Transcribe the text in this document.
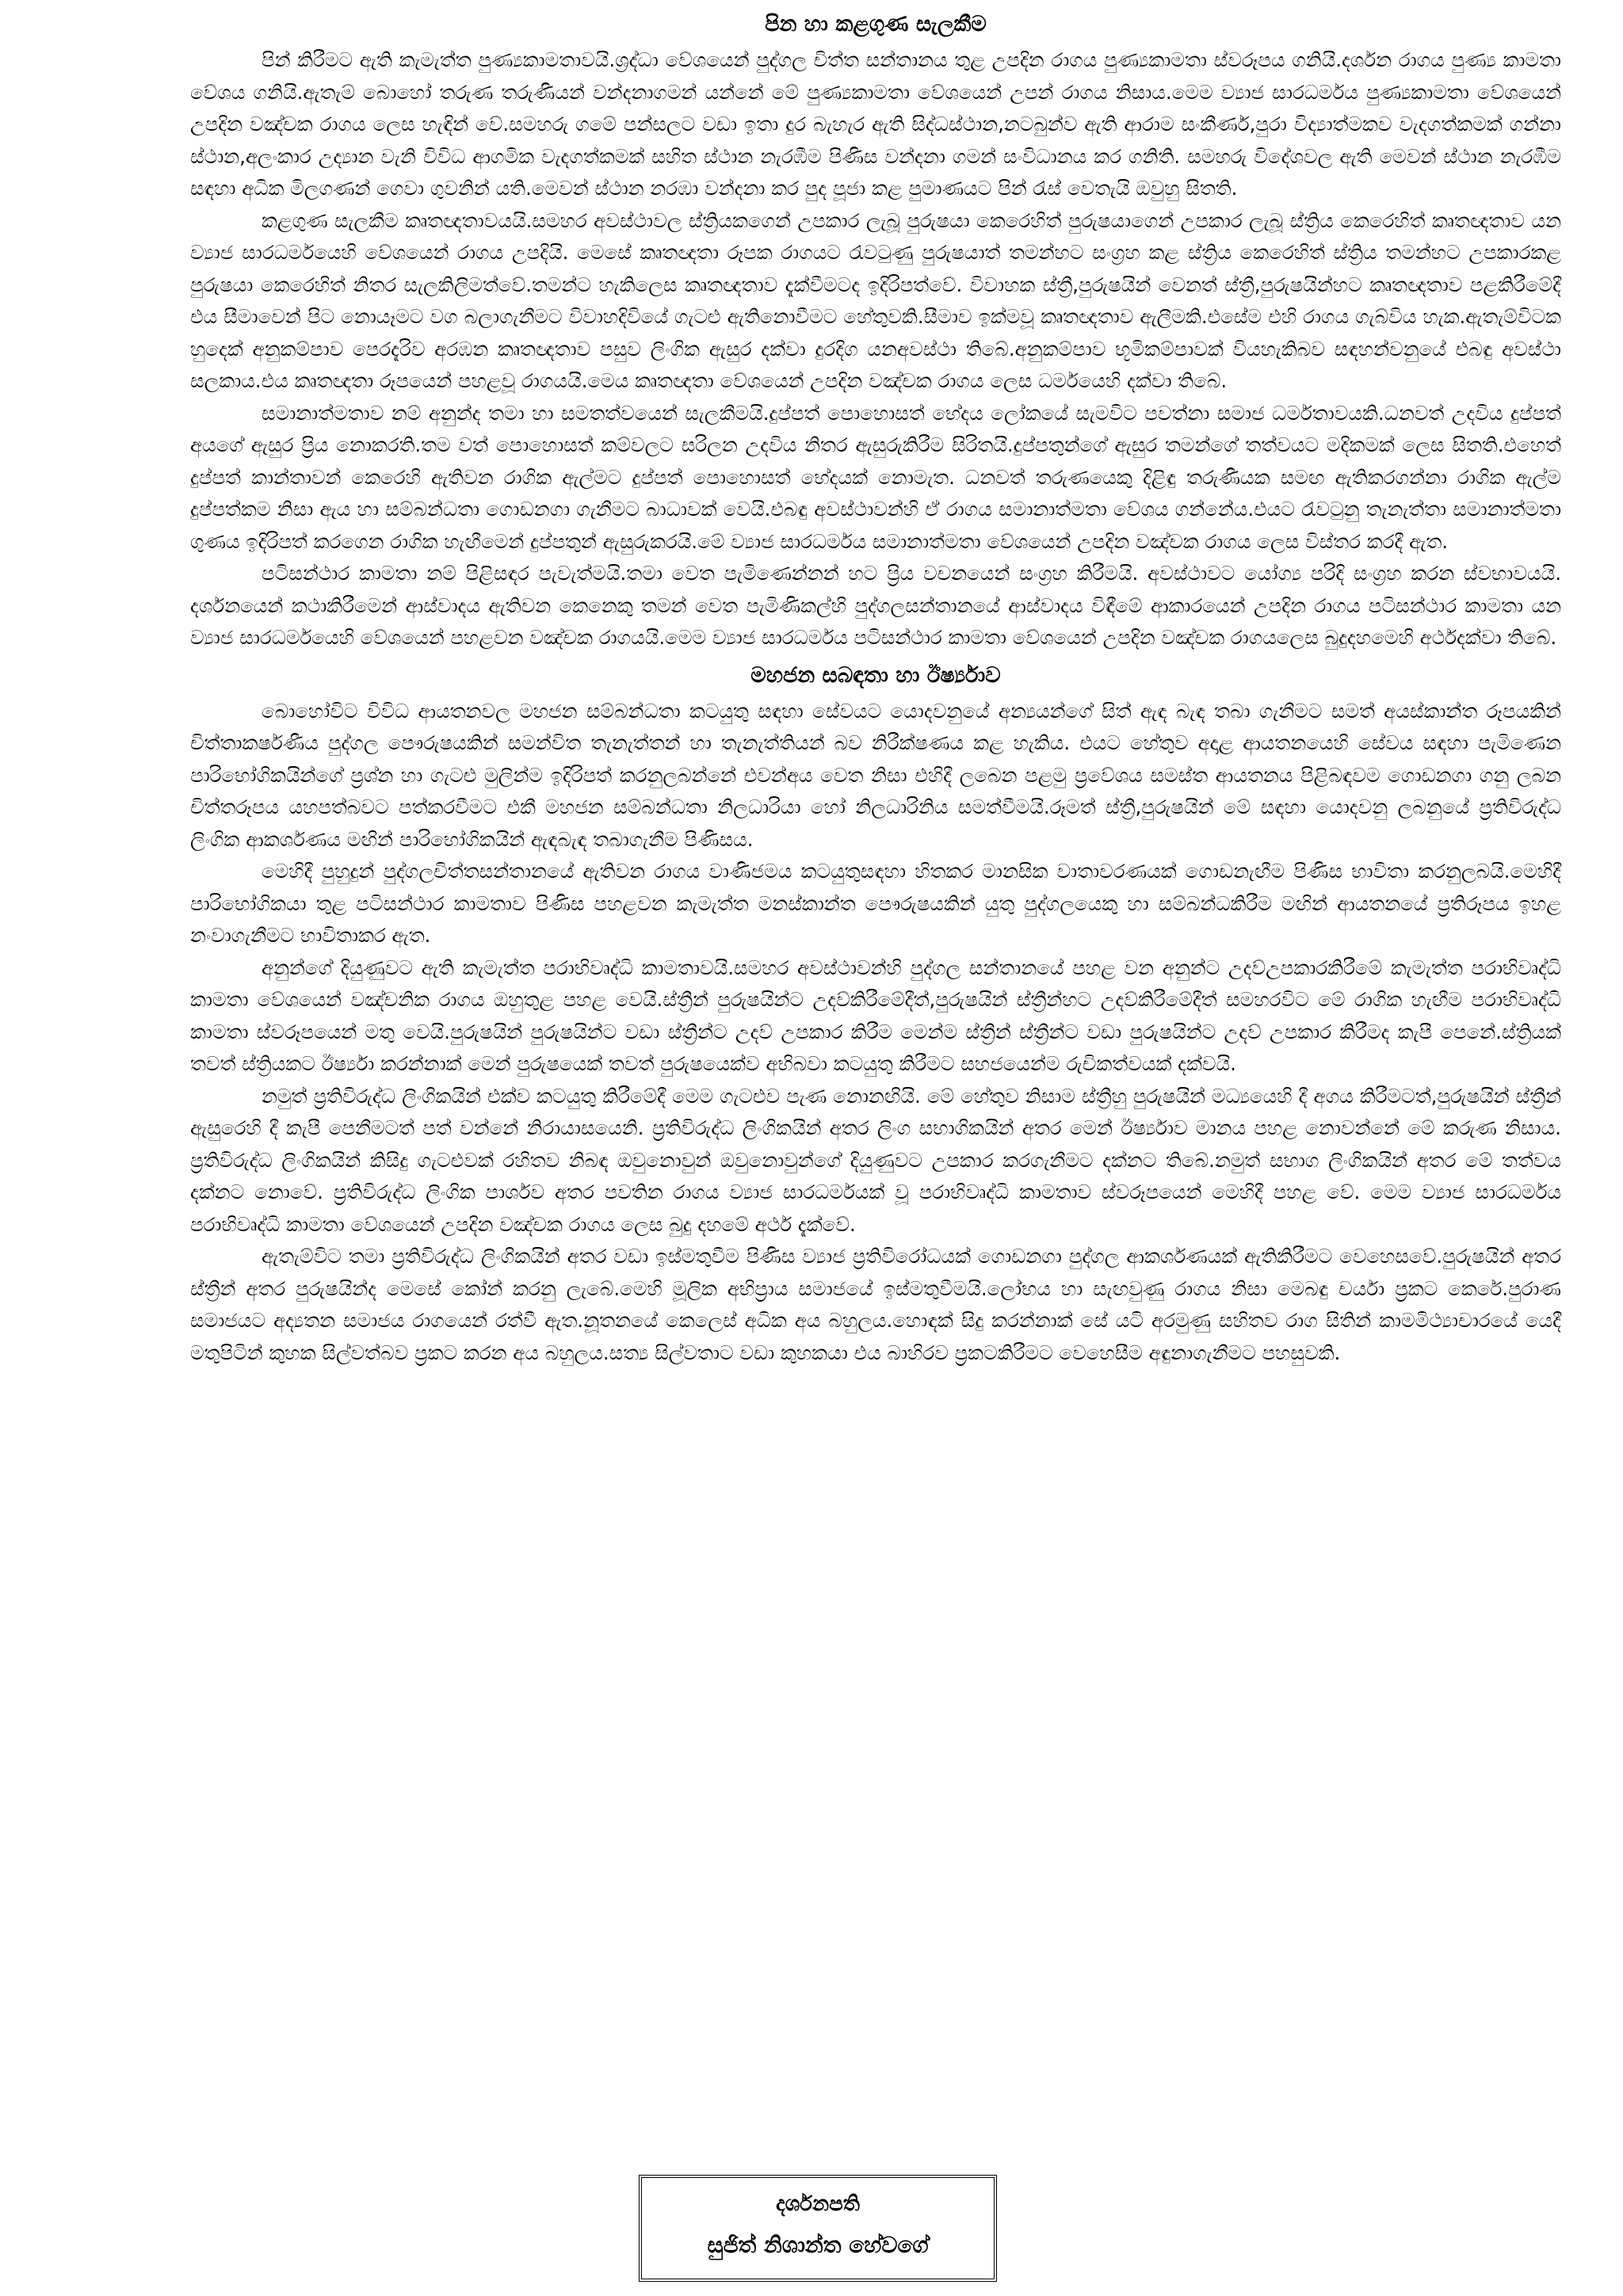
පින හා කළගුණ සැලකීම

පින් කිරීමට ඇති කැමැත්ත පුණ්‍යකාමතාවයි.ශ්‍රද්ධා වේශයෙන් පුද්ගල චිත්ත සන්තානය තුළ උපදින රාගය පුණ්‍යකාමතා ස්වරූපය ගනියි.දර්ශන රාගය පුණ්‍ය කාමතා වේශය ගනියි.ඇතැම් බොහෝ තරුණ තරුණියන් වන්දනාගමන් යන්නේ මේ පුණ්‍යකාමතා වේශයෙන් උපන් රාගය නිසාය.මෙම ව්‍යාජ සාරධර්මය පුණ්‍යකාමතා වේශයෙන් උපදින වඤ්චක රාගය ලෙස හැඳින් වේ.සමහරු ගමේ පන්සලට වඩා ඉතා දුර බැහැර ඇති සිද්ධස්ථාන,නටබුන්ව ඇති ආරාම සංකීර්ණ,පුරා විද්‍යාත්මකව වැදගත්කමක් ගන්නා ස්ථාන,අලංකාර උද්‍යාන වැනි විවිධ ආගමික වැදගත්කමක් සහිත ස්ථාන නැරඹීම පිණිස වන්දනා ගමන් සංවිධානය කර ගනිති. සමහරු විදේශවල ඇති මෙවන් ස්ථාන නැරඹීම සඳහා අධික මිලගණන් ගෙවා ගුවනින් යති.මෙවන් ස්ථාන නරඹා වන්දනා කර පුද පූජා කළ පුමාණයට පින් රැස් වෙතැයි ඔවුහු සිතති.

කළගුණ සැලකීම කෘතඥතාවයයි.සමහර අවස්ථාවල ස්ත්‍රියකගෙන් උපකාර ලැබූ පුරුෂයා කෙරෙහිත් පුරුෂයාගෙන් උපකාර ලැබූ ස්ත්‍රිය කෙරෙහිත් කෘතඥතාව යන ව්‍යාජ සාරධර්මයෙහි වේශයෙන් රාගය උපදියි. මෙසේ කෘතඥතා රූපක රාගයට රැවටුණු පුරුෂයාත් තමන්හට සංග්‍රහ කළ ස්ත්‍රිය කෙරෙහිත් ස්ත්‍රිය තමන්හට උපකාරකළ පුරුෂයා කෙරෙහිත් නිතර සැලකිලිමත්වේ.තමන්ට හැකිලෙස කෘතඥතාව දැක්වීමටද ඉදිරිපත්වේ. විවාහක ස්ත්‍රී,පුරුෂයින් වෙනත් ස්ත්‍රී,පුරුෂයින්හට කෘතඥතාව පළකිරීමේදී එය සීමාවෙන් පිට නොයෑමට වග බලාගැනීමට විවාහදිවියේ ගැටළු ඇතිනොවීමට හේතුවකි.සීමාව ඉක්මවූ කෘතඥතාව ඇලීමකි.එසේම එහි රාගය ගැබ්විය හැක.ඇතැම්විටක හුදෙක් අනුකම්පාව පෙරදැරිව අරඹන කෘතඥතාව පසුව ලිංගික ඇසුර දක්වා දුරදිග යනඅවස්ථා තිබේ.අනුකම්පාව භූමිකම්පාවක් වියහැකිබව සඳහන්වනුයේ එබඳු අවස්ථා සලකාය.එය කෘතඥතා රූපයෙන් පහළවූ රාගයයි.මෙය කෘතඥතා වේශයෙන් උපදින වඤ්චක රාගය ලෙස ධර්මයෙහි දක්වා තිබේ.

සමානාත්මතාව නම් අනුන්ද තමා හා සමතත්වයෙන් සැලකීමයි.දුප්පත් පොහොසත් භේදය ලෝකයේ සැමවිට පවත්නා සමාජ ධර්මතාවයකි.ධනවත් උදවිය දුප්පත් අයගේ ඇසුර ප්‍රිය නොකරති.තම වත් පොහොසත් කම්වලට සරිලන උදවිය නිතර ඇසුරුකිරීම සිරිතයි.දුප්පතුන්ගේ ඇසුර තමන්ගේ තත්වයට මදිකමක් ලෙස සිතති.එහෙත් දුප්පත් කාන්තාවන් කෙරෙහි ඇතිවන රාගික ඇල්මට දුප්පත් පොහොසත් භේදයක් නොමැත. ධනවත් තරුණයෙකු දිළිඳු තරුණියක සමඟ ඇතිකරගන්නා රාගික ඇල්ම දුප්පත්කම නිසා ඇය හා සම්බන්ධතා ගොඩනගා ගැනීමට බාධාවක් වෙයි.එබඳු අවස්ථාවන්හි ඒ රාගය සමානාත්මතා වේශය ගන්නේය.එයට රැවටුනු තැනැත්තා සමානාත්මතා ගුණය ඉදිරිපත් කරගෙන රාගික හැඟීමෙන් දුප්පතුන් ඇසුරුකරයි.මේ ව්‍යාජ සාරධර්මය සමානාත්මතා වේශයෙන් උපදින වඤ්චක රාගය ලෙස විස්තර කරදී ඇත.

පටිසන්ථාර කාමතා නම් පිළිසඳර පැවැත්මයි.තමා වෙත පැමිණෙන්නන් හට ප්‍රිය වචනයෙන් සංග්‍රහ කිරීමයි. අවස්ථාවට යෝග්‍ය පරිදි සංග්‍රහ කරන ස්වභාවයයි. දර්ශනයෙන් කථාකිරීමෙන් ආස්වාදය ඇතිවන කෙනෙකු තමන් වෙත පැමිණිකල්හි පුද්ගලසන්තානයේ ආස්වාදය විඳීමේ ආකාරයෙන් උපදින රාගය පටිසන්ථාර කාමතා යන ව්‍යාජ සාරධර්මයෙහි වේශයෙන් පහළවන වඤ්චක රාගයයි.මෙම ව්‍යාජ සාරධර්මය පටිසන්ථාර කාමතා වේශයෙන් උපදින වඤ්චක රාගයලෙස බුදුදහමෙහි අර්ථදක්වා තිබේ.

මහජන සබඳතා හා ඊර්ෂ්‍යාව

බොහෝවිට විවිධ ආයතනවල මහජන සම්බන්ධතා කටයුතු සඳහා සේවයට යොදවනුයේ අන්‍යයන්ගේ සිත් ඇඳ බැඳ තබා ගැනීමට සමත් අයස්කාන්ත රූපයකින් චිත්තාකර්ෂණීය පුද්ගල පෞරුෂයකින් සමන්විත තැනැත්තන් හා තැනැත්තියන් බව නිරීක්ෂණය කළ හැකිය. එයට හේතුව අදාළ ආයතනයෙහි සේවය සඳහා පැමිණෙන පාරිභෝගිකයින්ගේ ප්‍රශ්න හා ගැටළු මුලින්ම ඉදිරිපත් කරනුලබන්නේ එවන්අය වෙත නිසා එහිදී ලබෙන පළමු ප්‍රවේශය සමස්ත ආයතනය පිළිබඳවම ගොඩනගා ගනු ලබන චිත්තරූපය යහපත්බවට පත්කරවීමට එකී මහජන සම්බන්ධතා නිලධාරියා හෝ නිලධාරිනිය සමත්වීමයි.රූමත් ස්ත්‍රී,පුරුෂයින් මේ සඳහා යොදවනු ලබනුයේ ප්‍රතිවිරුද්ධ ලිංගික ආකර්ශණය මඟින් පාරිභෝගිකයින් ඇඳබැඳ තබාගැනීම පිණිසය.

මෙහිදී පුහුදුන් පුද්ගලචිත්තසන්තානයේ ඇතිවන රාගය වාණිජමය කටයුතුසඳහා හිතකර මානසික වාතාවරණයක් ගොඩනැඟීම පිණිස භාවිතා කරනුලබයි.මෙහිදී පාරිභෝගිකයා තුළ පටිසන්ථාර කාමතාව පිණිස පහළවන කැමැත්ත මනස්කාන්ත පෞරුෂයකින් යුතු පුද්ගලයෙකු හා සම්බන්ධකිරීම මඟින් ආයතනයේ ප්‍රතිරූපය ඉහළ නංවාගැනීමට භාවිතාකර ඇත.

අනුන්ගේ දියුණුවට ඇති කැමැත්ත පරාභිවෘද්ධි කාමතාවයි.සමහර අවස්ථාවන්හි පුද්ගල සන්තානයේ පහළ වන අනුන්ට උදව්උපකාරකිරීමේ කැමැත්ත පරාභිවෘද්ධි කාමතා වේශයෙන් වඤ්චනික රාගය ඔහුතුළ පහළ වෙයි.ස්ත්‍රීන් පුරුෂයින්ට උදව්කිරීමේදීත්,පුරුෂයින් ස්ත්‍රීන්හට උදව්කිරීමේදීත් සමහරවිට මේ රාගික හැඟීම පරාභිවෘද්ධි කාමතා ස්වරූපයෙන් මතු වෙයි.පුරුෂයින් පුරුෂයින්ට වඩා ස්ත්‍රීන්ට උදව් උපකාර කිරීම මෙන්ම ස්ත්‍රීන් ස්ත්‍රීන්ට වඩා පුරුෂයින්ට උදව් උපකාර කිරීමද කැපී පෙනේ.ස්ත්‍රියක් තවත් ස්ත්‍රියකට ඊර්ෂ්‍යා කරන්නාක් මෙන් පුරුෂයෙක් තවත් පුරුෂයෙක්ව අභිබවා කටයුතු කිරීමට සහජයෙන්ම රුචිකත්වයක් දක්වයි.

නමුත් ප්‍රතිවිරුද්ධ ලිංගිකයින් එක්ව කටයුතු කිරීමේදී මෙම ගැටළුව පැණ නොනඟියි. මේ හේතුව නිසාම ස්ත්‍රීහු පුරුෂයින් මධ්‍යයෙහි දී අගය කිරීමටත්,පුරුෂයින් ස්ත්‍රීන් ඇසුරෙහි දී කැපී පෙනීමටත් පත් වන්නේ නිරායාසයෙනි. ප්‍රතිවිරුද්ධ ලිංගිකයින් අතර ලිංග සභාගිකයින් අතර මෙන් ඊර්ෂ්‍යාව මානය පහළ නොවන්නේ මේ කරුණ නිසාය. ප්‍රතිවිරුද්ධ ලිංගිකයින් කිසිදු ගැටළුවක් රහිතව නිබඳ ඔවුනොවුන් ඔවුනොවුන්ගේ දියුණුවට උපකාර කරගැනීමට දක්නට තිබේ.නමුත් සභාග ලිංගිකයින් අතර මේ තත්වය දක්නට නොවේ. ප්‍රතිවිරුද්ධ ලිංගික පාර්ශව අතර පවතින රාගය ව්‍යාජ සාරධර්මයක් වූ පරාභිවෘද්ධි කාමතාව ස්වරූපයෙන් මෙහිදී පහළ වේ. මෙම ව්‍යාජ සාරධර්මය පරාභිවෘද්ධි කාමතා වේශයෙන් උපදින වඤ්චක රාගය ලෙස බුදු දහමේ අර්ථ දැක්වේ.

ඇතැම්විට තමා ප්‍රතිවිරුද්ධ ලිංගිකයින් අතර වඩා ඉස්මතුවීම පිණිස ව්‍යාජ ප්‍රතිවිරෝධයක් ගොඩනගා පුද්ගල ආකර්ශණයක් ඇතිකිරීමට වෙහෙසවේ.පුරුෂයින් අතර ස්ත්‍රීන් අතර පුරුෂයින්ද මෙසේ කෝන් කරනු ලැබේ.මෙහි මූලික අභිප්‍රාය සමාජයේ ඉස්මතුවීමයි.ලෝභය හා සැඟවුණු රාගය නිසා මෙබඳු චර්යා ප්‍රකට කෙරේ.පුරාණ සමාජයට අද්‍යතන සමාජය රාගයෙන් රත්වී ඇත.නූතනයේ කෙලෙස් අධික අය බහුලය.හොඳක් සිදු කරන්නාක් සේ යටි අරමුණු සහිතව රාග සිතින් කාමමිථ්‍යාචාරයේ යෙදී මතුපිටින් කුහක සිල්වත්බව ප්‍රකට කරන අය බහුලය.සත්‍ය සිල්වතාට වඩා කුහකයා එය බාහිරව ප්‍රකටකිරීමට වෙහෙසීම අඳුනාගැනීමට පහසුවකි.

දර්ශනපති
සුජිත් නිශාන්ත හේවගේ
